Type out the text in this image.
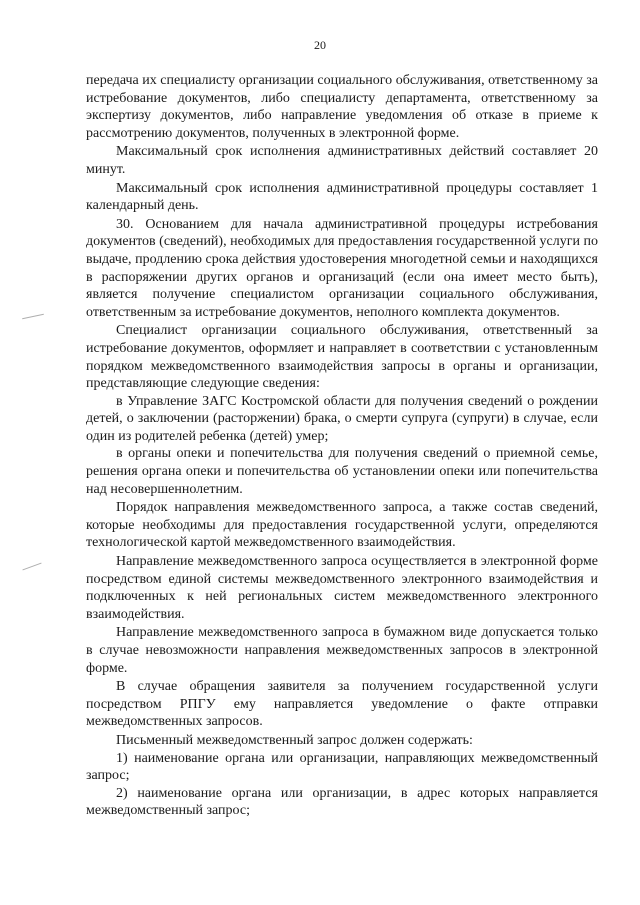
20

передача их специалисту организации социального обслуживания, ответственному за истребование документов, либо специалисту департамента, ответственному за экспертизу документов, либо направление уведомления об отказе в приеме к рассмотрению документов, полученных в электронной форме.

Максимальный срок исполнения административных действий составляет 20 минут.

Максимальный срок исполнения административной процедуры составляет 1 календарный день.

30. Основанием для начала административной процедуры истребования документов (сведений), необходимых для предоставления государственной услуги по выдаче, продлению срока действия удостоверения многодетной семьи и находящихся в распоряжении других органов и организаций (если она имеет место быть), является получение специалистом организации социального обслуживания, ответственным за истребование документов, неполного комплекта документов.

Специалист организации социального обслуживания, ответственный за истребование документов, оформляет и направляет в соответствии с установленным порядком межведомственного взаимодействия запросы в органы и организации, представляющие следующие сведения:

в Управление ЗАГС Костромской области для получения сведений о рождении детей, о заключении (расторжении) брака, о смерти супруга (супруги) в случае, если один из родителей ребенка (детей) умер;

в органы опеки и попечительства для получения сведений о приемной семье, решения органа опеки и попечительства об установлении опеки или попечительства над несовершеннолетним.

Порядок направления межведомственного запроса, а также состав сведений, которые необходимы для предоставления государственной услуги, определяются технологической картой межведомственного взаимодействия.

Направление межведомственного запроса осуществляется в электронной форме посредством единой системы межведомственного электронного взаимодействия и подключенных к ней региональных систем межведомственного электронного взаимодействия.

Направление межведомственного запроса в бумажном виде допускается только в случае невозможности направления межведомственных запросов в электронной форме.

В случае обращения заявителя за получением государственной услуги посредством РПГУ ему направляется уведомление о факте отправки межведомственных запросов.

Письменный межведомственный запрос должен содержать:

1) наименование органа или организации, направляющих межведомственный запрос;

2) наименование органа или организации, в адрес которых направляется межведомственный запрос;
